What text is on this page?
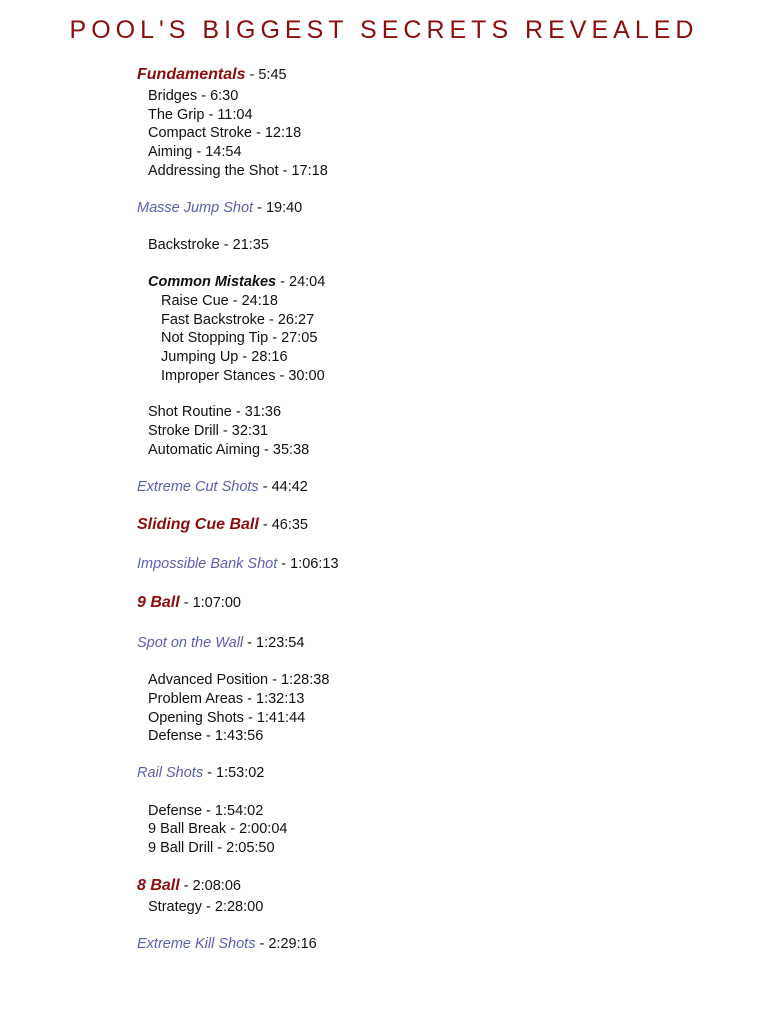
POOL'S BIGGEST SECRETS REVEALED
Fundamentals - 5:45
Bridges - 6:30
The Grip - 11:04
Compact Stroke - 12:18
Aiming - 14:54
Addressing the Shot - 17:18
Masse Jump Shot - 19:40
Backstroke - 21:35
Common Mistakes - 24:04
Raise Cue - 24:18
Fast Backstroke - 26:27
Not Stopping Tip - 27:05
Jumping Up - 28:16
Improper Stances - 30:00
Shot Routine - 31:36
Stroke Drill - 32:31
Automatic Aiming - 35:38
Extreme Cut Shots - 44:42
Sliding Cue Ball - 46:35
Impossible Bank Shot - 1:06:13
9 Ball - 1:07:00
Spot on the Wall - 1:23:54
Advanced Position - 1:28:38
Problem Areas - 1:32:13
Opening Shots - 1:41:44
Defense - 1:43:56
Rail Shots - 1:53:02
Defense - 1:54:02
9 Ball Break - 2:00:04
9 Ball Drill - 2:05:50
8 Ball - 2:08:06
Strategy - 2:28:00
Extreme Kill Shots - 2:29:16
